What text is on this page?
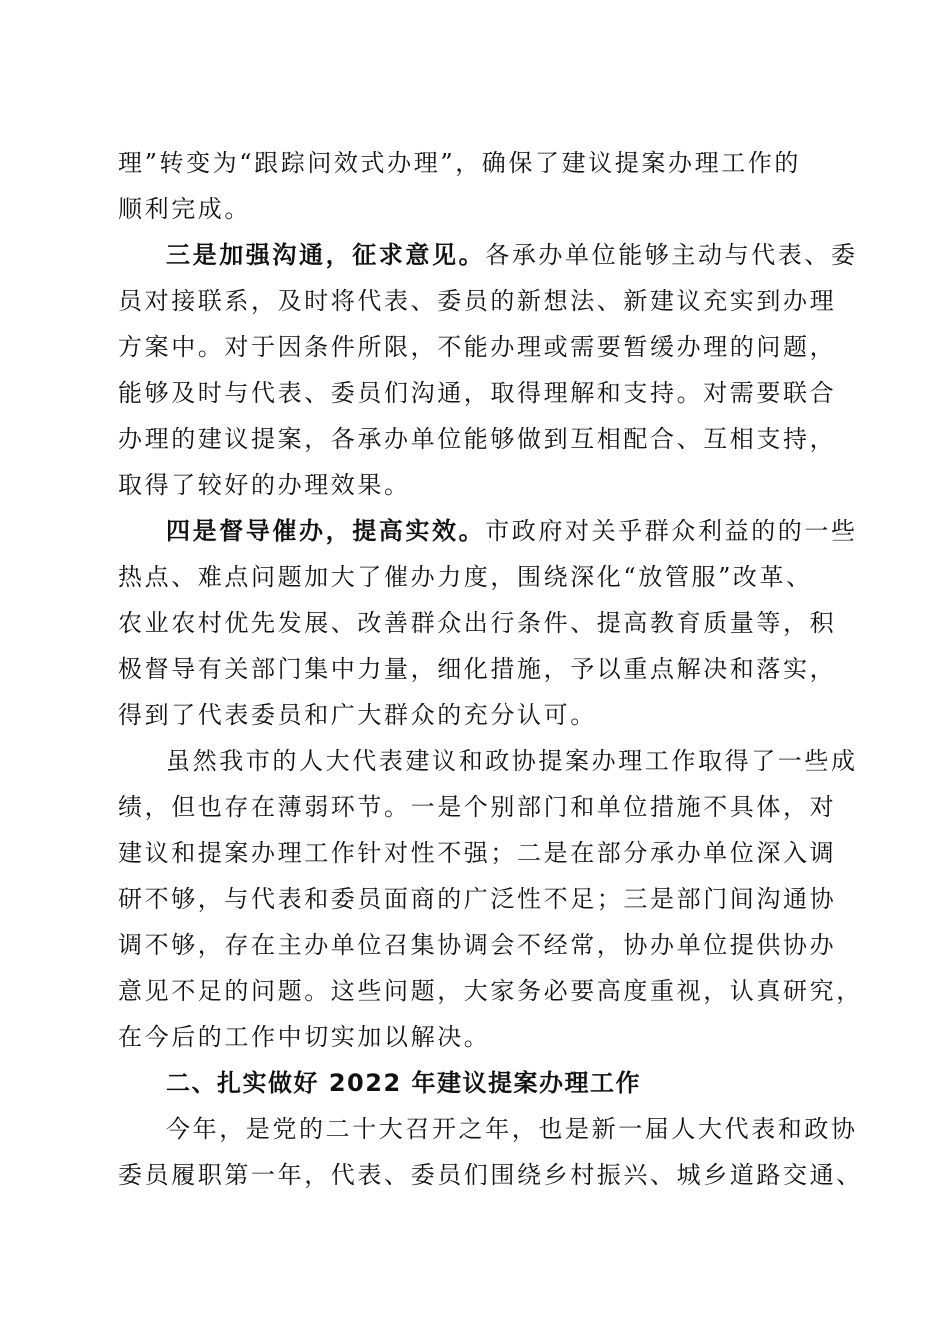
理”转变为“跟踪问效式办理”，确保了建议提案办理工作的
顺利完成。
三是加强沟通，征求意见。各承办单位能够主动与代表、委
员对接联系，及时将代表、委员的新想法、新建议充实到办理
方案中。对于因条件所限，不能办理或需要暂缓办理的问题，
能够及时与代表、委员们沟通，取得理解和支持。对需要联合
办理的建议提案，各承办单位能够做到互相配合、互相支持，
取得了较好的办理效果。
四是督导催办，提高实效。市政府对关乎群众利益的的一些
热点、难点问题加大了催办力度，围绕深化“放管服”改革、
农业农村优先发展、改善群众出行条件、提高教育质量等，积
极督导有关部门集中力量，细化措施，予以重点解决和落实，
得到了代表委员和广大群众的充分认可。
虽然我市的人大代表建议和政协提案办理工作取得了一些成
绩，但也存在薄弱环节。一是个别部门和单位措施不具体，对
建议和提案办理工作针对性不强；二是在部分承办单位深入调
研不够，与代表和委员面商的广泛性不足；三是部门间沟通协
调不够，存在主办单位召集协调会不经常，协办单位提供协办
意见不足的问题。这些问题，大家务必要高度重视，认真研究，
在今后的工作中切实加以解决。
二、扎实做好 2022 年建议提案办理工作
今年，是党的二十大召开之年，也是新一届人大代表和政协
委员履职第一年，代表、委员们围绕乡村振兴、城乡道路交通、
